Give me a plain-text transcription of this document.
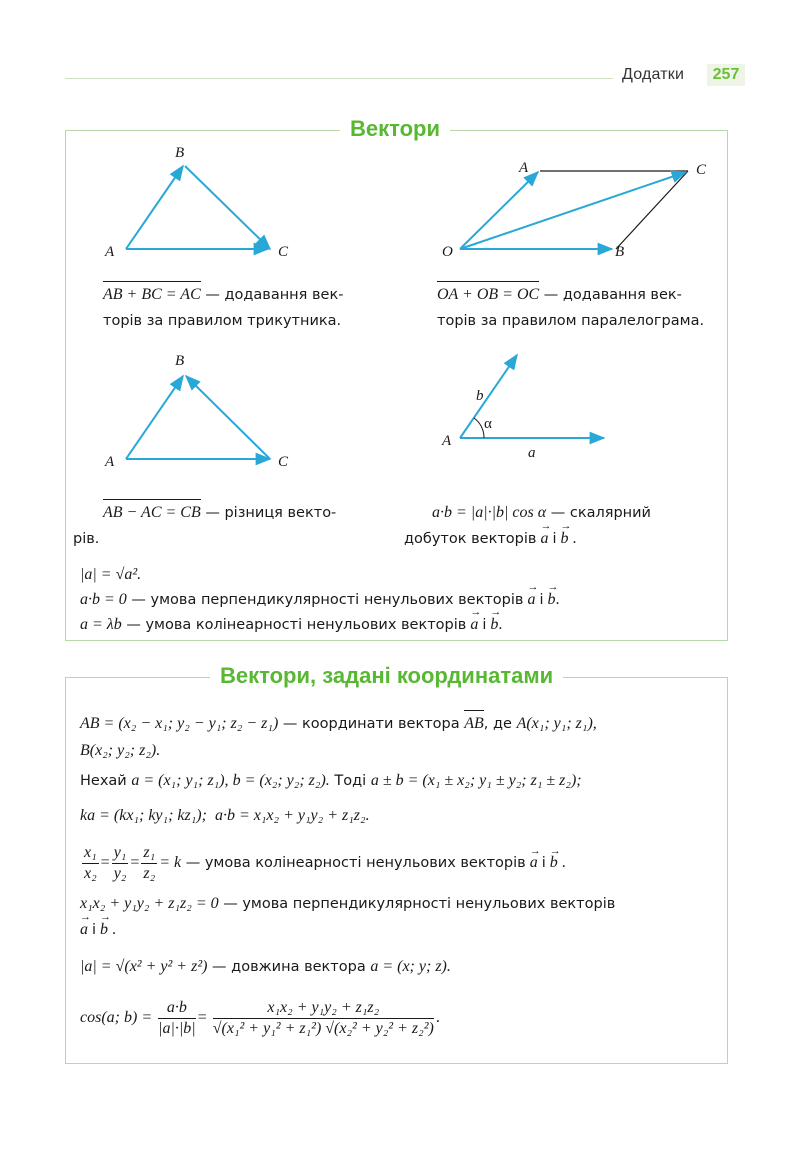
Додатки	257
Вектори
A
B
C
A	C
O	B
A
B
C
A
b
a
α
AB + BC = AC — додавання век-
торів за правилом трикутника.
OA + OB = OC — додавання век-
торів за правилом паралелограма.
AB − AC = CB — різниця векто-
рів.
a·b = |a|·|b| cos α — скалярний
добуток векторів → a і → b .
|a| = √a².
a·b = 0 — умова перпендикулярності ненульових векторів → a і → b.
a = λb — умова колінеарності ненульових векторів → a і → b.
Вектори, задані координатами
AB = (x₂ − x₁; y₂ − y₁; z₂ − z₁) — координати вектора AB, де A(x₁; y₁; z₁),
B(x₂; y₂; z₂).
Нехай a = (x₁; y₁; z₁), b = (x₂; y₂; z₂). Тоді a ± b = (x₁ ± x₂; y₁ ± y₂; z₁ ± z₂);
ka = (kx₁; ky₁; kz₁); a·b = x₁x₂ + y₁y₂ + z₁z₂.
$\frac{\text{x₁}}{\text{x₂}} = \frac{\text{y₁}}{\text{y₂}} = \frac{\text{z₁}}{\text{z₂}} = k$ — умова колінеарності ненульових векторів → a і → b .
x₁x₂ + y₁y₂ + z₁z₂ = 0 — умова перпендикулярності ненульових векторів
→ a і → b .
|a| = √(x² + y² + z²) — довжина вектора a = (x; y; z).
cos(a; $b) = \frac{a\cdot b}{|a|\cdot|b|} = \frac{\text{x₁x₂ + y₁y₂ + z₁z₂}}{\text{√(x₁² + y₁² + z₁²) √(x₂² + y₂² + z₂²)}}$ .
